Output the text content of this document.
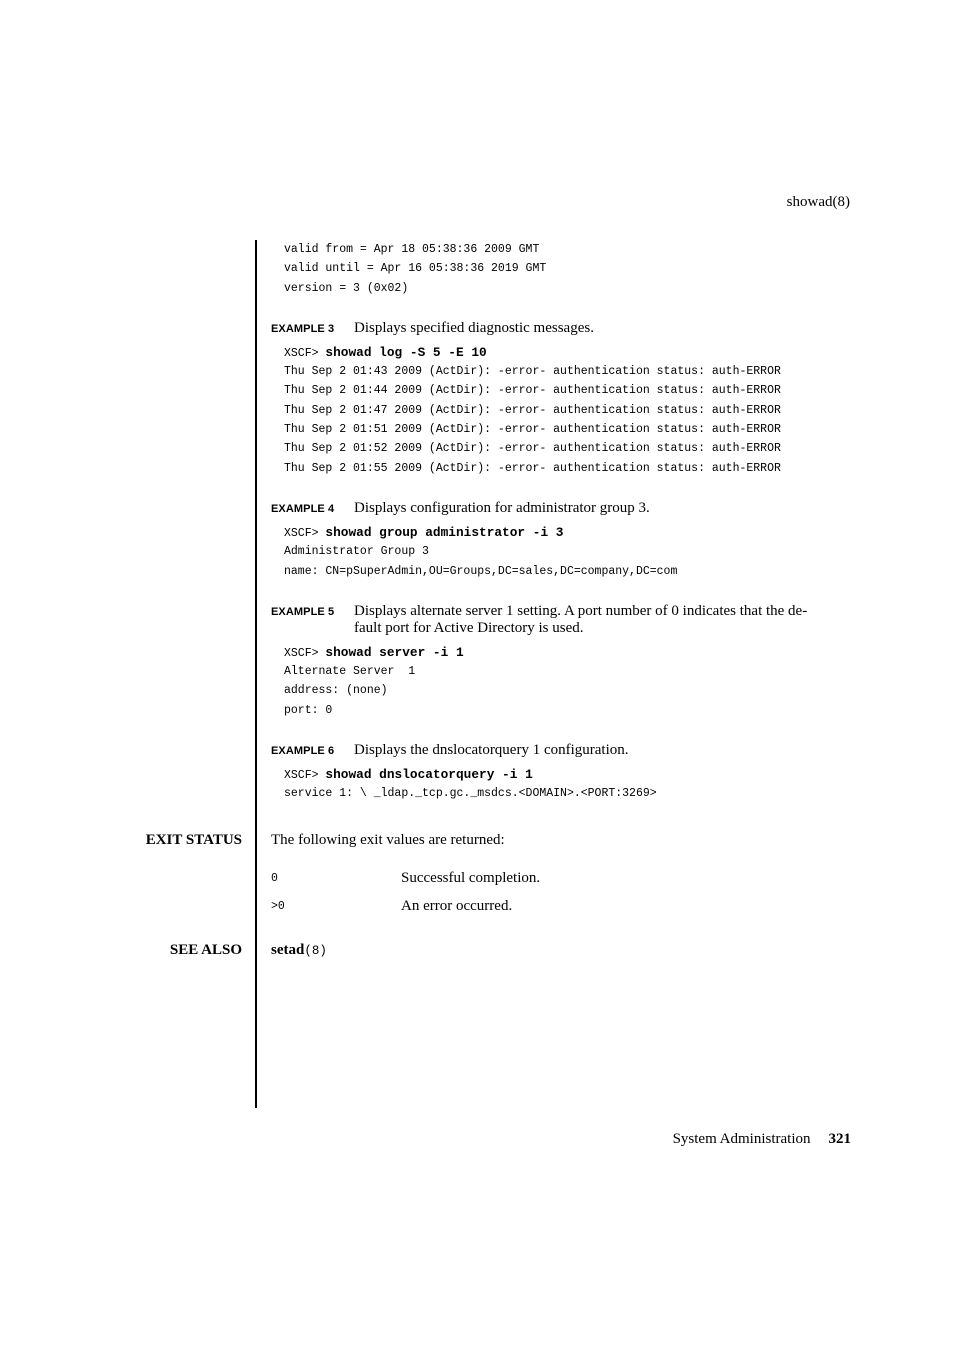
showad(8)
valid from = Apr 18 05:38:36 2009 GMT
valid until = Apr 16 05:38:36 2019 GMT
version = 3 (0x02)
EXAMPLE 3	Displays specified diagnostic messages.
XSCF> showad log -S 5 -E 10
Thu Sep 2 01:43 2009 (ActDir): -error- authentication status: auth-ERROR
Thu Sep 2 01:44 2009 (ActDir): -error- authentication status: auth-ERROR
Thu Sep 2 01:47 2009 (ActDir): -error- authentication status: auth-ERROR
Thu Sep 2 01:51 2009 (ActDir): -error- authentication status: auth-ERROR
Thu Sep 2 01:52 2009 (ActDir): -error- authentication status: auth-ERROR
Thu Sep 2 01:55 2009 (ActDir): -error- authentication status: auth-ERROR
EXAMPLE 4	Displays configuration for administrator group 3.
XSCF> showad group administrator -i 3
Administrator Group 3
name: CN=pSuperAdmin,OU=Groups,DC=sales,DC=company,DC=com
EXAMPLE 5	Displays alternate server 1 setting. A port number of 0 indicates that the de-
fault port for Active Directory is used.
XSCF> showad server -i 1
Alternate Server  1
address: (none)
port: 0
EXAMPLE 6	Displays the dnslocatorquery 1 configuration.
XSCF> showad dnslocatorquery -i 1
service 1: \ _ldap._tcp.gc._msdcs.<DOMAIN>.<PORT:3269>
EXIT STATUS The following exit values are returned:
0	Successful completion.
>0	An error occurred.
SEE ALSO setad(8)
System Administration 321
